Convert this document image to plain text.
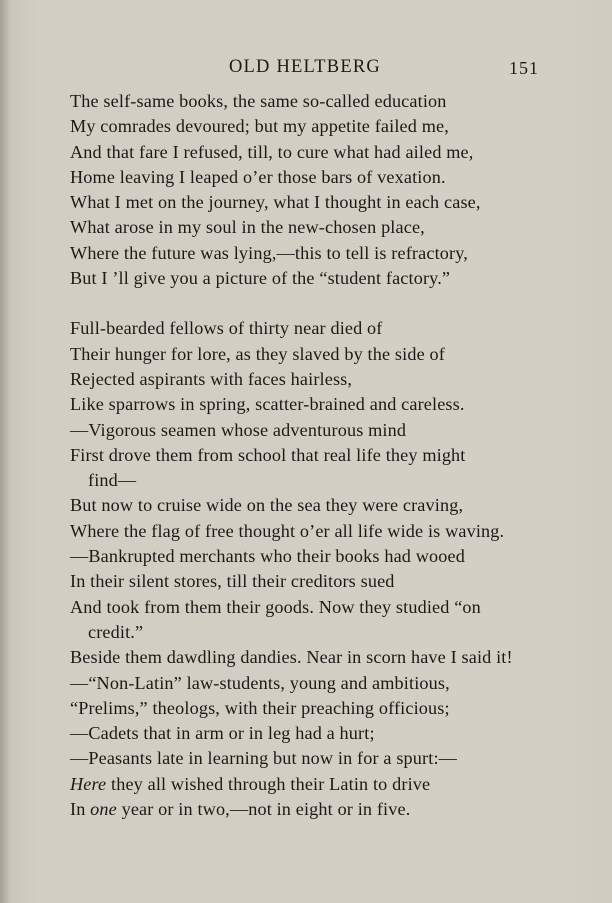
OLD HELTBERG	151
The self-same books, the same so-called education
My comrades devoured; but my appetite failed me,
And that fare I refused, till, to cure what had ailed me,
Home leaving I leaped o’er those bars of vexation.
What I met on the journey, what I thought in each case,
What arose in my soul in the new-chosen place,
Where the future was lying,—this to tell is refractory,
But I ’ll give you a picture of the “student factory.”
Full-bearded fellows of thirty near died of
Their hunger for lore, as they slaved by the side of
Rejected aspirants with faces hairless,
Like sparrows in spring, scatter-brained and careless.
—Vigorous seamen whose adventurous mind
First drove them from school that real life they might
find—
But now to cruise wide on the sea they were craving,
Where the flag of free thought o’er all life wide is waving.
—Bankrupted merchants who their books had wooed
In their silent stores, till their creditors sued
And took from them their goods. Now they studied “on
credit.”
Beside them dawdling dandies. Near in scorn have I said it!
—“Non-Latin” law-students, young and ambitious,
“Prelims,” theologs, with their preaching officious;
—Cadets that in arm or in leg had a hurt;
—Peasants late in learning but now in for a spurt:—
Here they all wished through their Latin to drive
In one year or in two,—not in eight or in five.
